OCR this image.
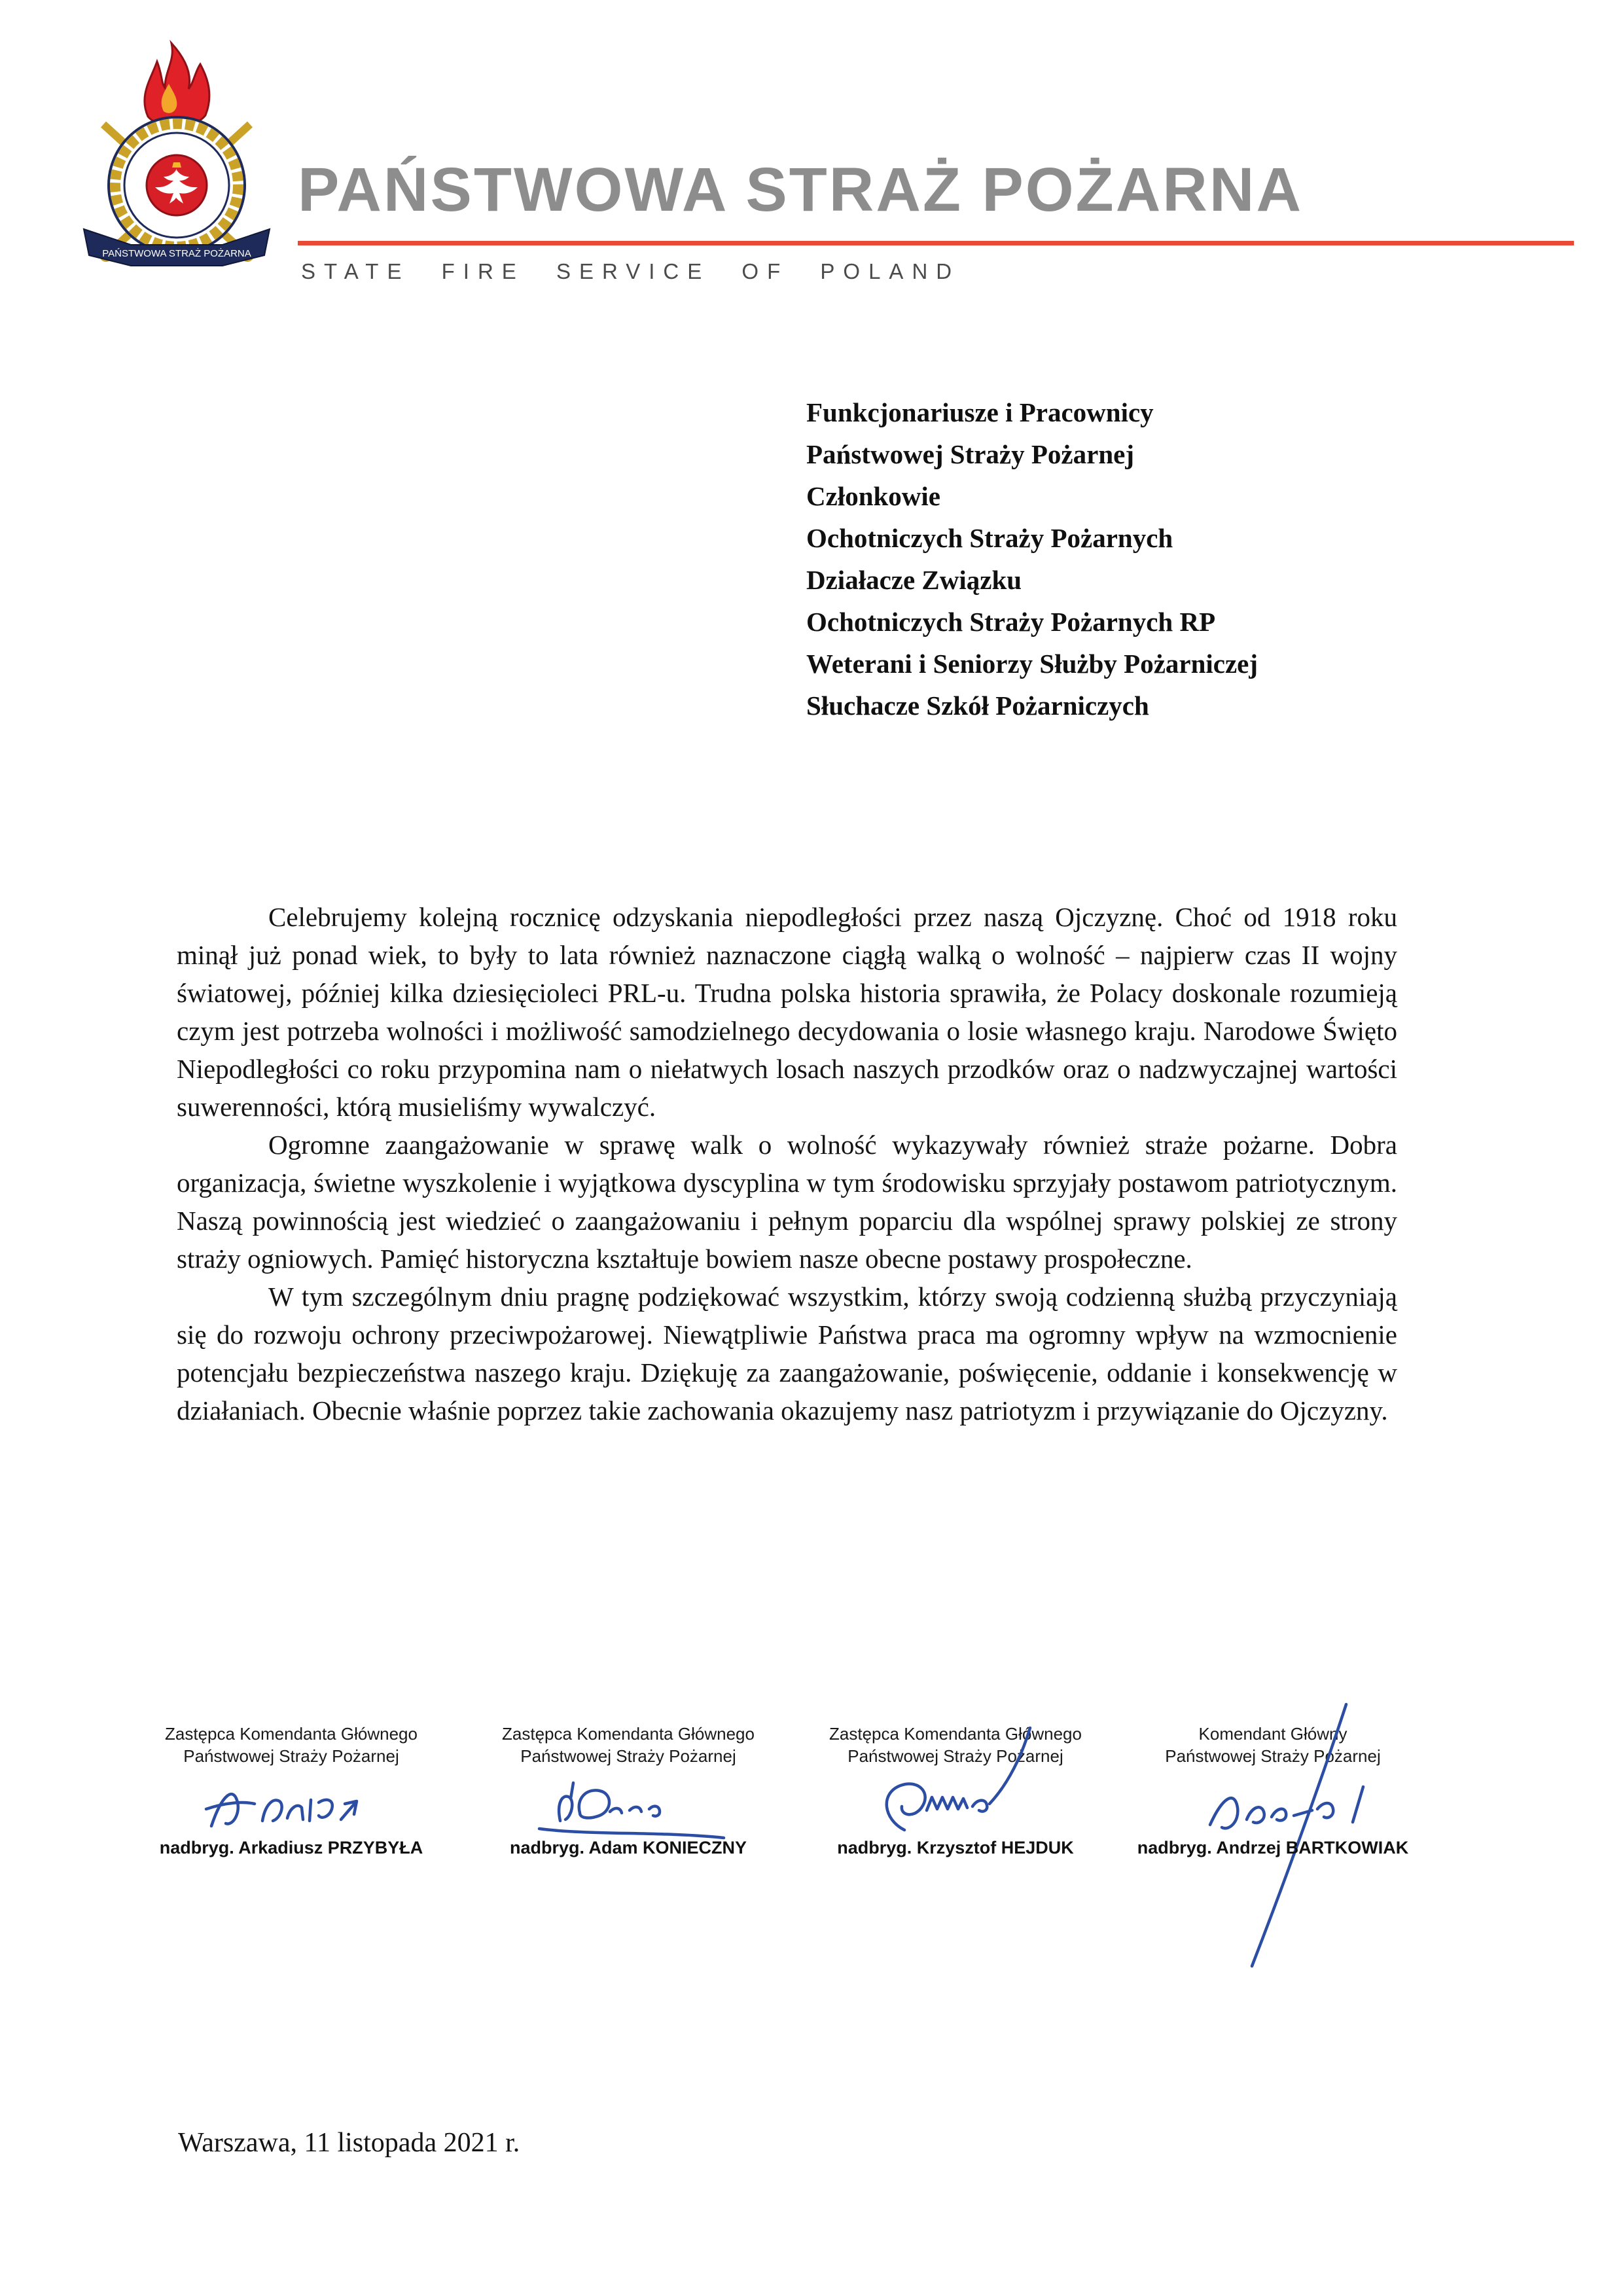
PAŃSTWOWA STRAŻ POŻARNA
PAŃSTWOWA STRAŻ POŻARNA
STATE FIRE SERVICE OF POLAND
Funkcjonariusze i Pracownicy
Państwowej Straży Pożarnej
Członkowie
Ochotniczych Straży Pożarnych
Działacze Związku
Ochotniczych Straży Pożarnych RP
Weterani i Seniorzy Służby Pożarniczej
Słuchacze Szkół Pożarniczych

Celebrujemy kolejną rocznicę odzyskania niepodległości przez naszą Ojczyznę. Choć od 1918 roku minął już ponad wiek, to były to lata również naznaczone ciągłą walką o wolność – najpierw czas II wojny światowej, później kilka dziesięcioleci PRL-u. Trudna polska historia sprawiła, że Polacy doskonale rozumieją czym jest potrzeba wolności i możliwość samodzielnego decydowania o losie własnego kraju. Narodowe Święto Niepodległości co roku przypomina nam o niełatwych losach naszych przodków oraz o nadzwyczajnej wartości suwerenności, którą musieliśmy wywalczyć.

Ogromne zaangażowanie w sprawę walk o wolność wykazywały również straże pożarne. Dobra organizacja, świetne wyszkolenie i wyjątkowa dyscyplina w tym środowisku sprzyjały postawom patriotycznym. Naszą powinnością jest wiedzieć o zaangażowaniu i pełnym poparciu dla wspólnej sprawy polskiej ze strony straży ogniowych. Pamięć historyczna kształtuje bowiem nasze obecne postawy prospołeczne.

W tym szczególnym dniu pragnę podziękować wszystkim, którzy swoją codzienną służbą przyczyniają się do rozwoju ochrony przeciwpożarowej. Niewątpliwie Państwa praca ma ogromny wpływ na wzmocnienie potencjału bezpieczeństwa naszego kraju. Dziękuję za zaangażowanie, poświęcenie, oddanie i konsekwencję w działaniach. Obecnie właśnie poprzez takie zachowania okazujemy nasz patriotyzm i przywiązanie do Ojczyzny.

Zastępca Komendanta Głównego
Państwowej Straży Pożarnej
nadbryg. Arkadiusz PRZYBYŁA
Zastępca Komendanta Głównego
Państwowej Straży Pożarnej
nadbryg. Adam KONIECZNY
Zastępca Komendanta Głównego
Państwowej Straży Pożarnej
nadbryg. Krzysztof HEJDUK
Komendant Główny
Państwowej Straży Pożarnej
nadbryg. Andrzej BARTKOWIAK
Warszawa, 11 listopada 2021 r.
